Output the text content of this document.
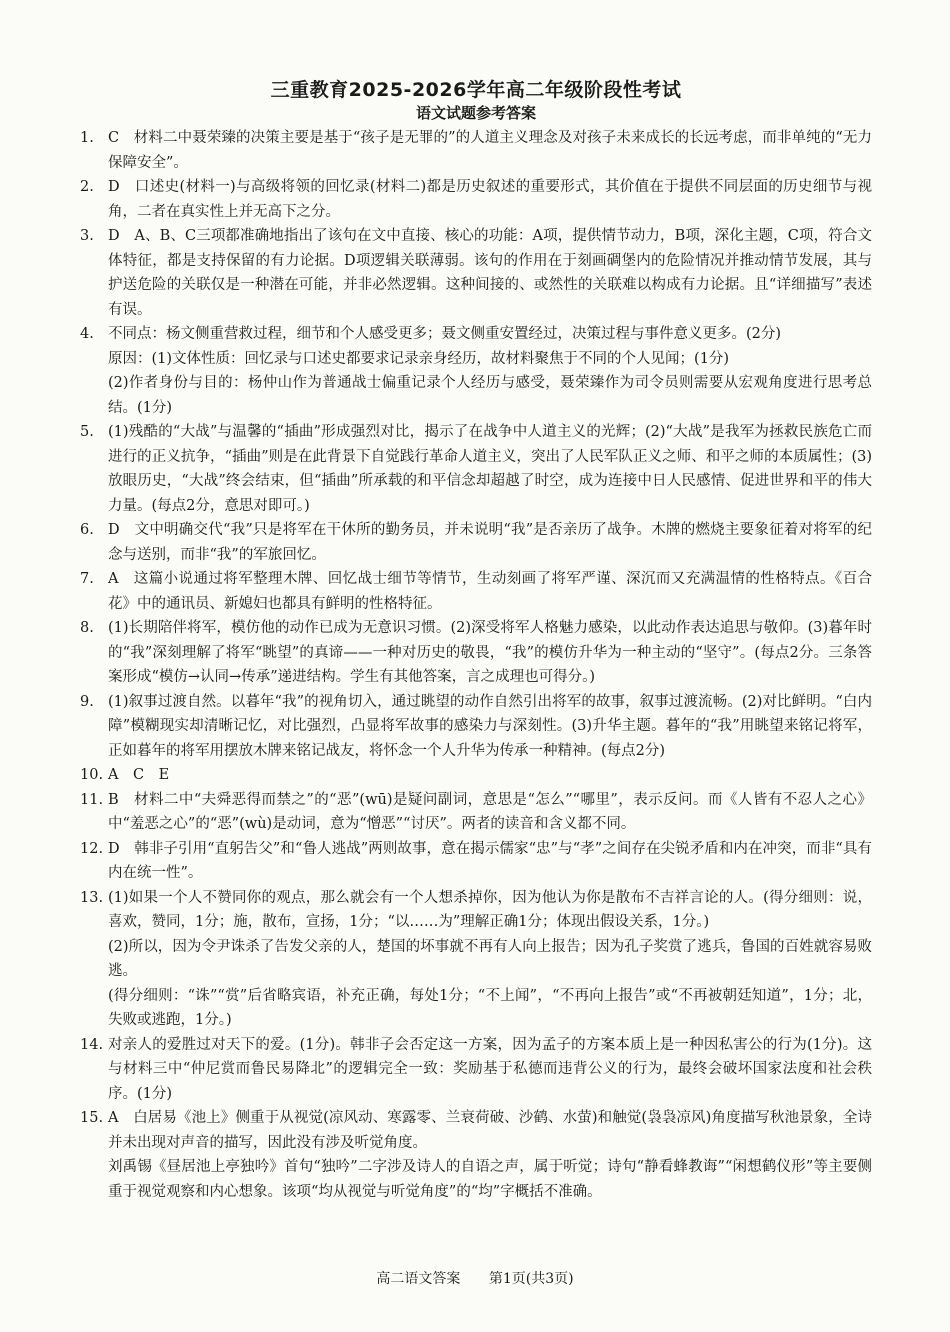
三重教育2025-2026学年高二年级阶段性考试
语文试题参考答案
1. C　材料二中聂荣臻的决策主要是基于“孩子是无罪的”的人道主义理念及对孩子未来成长的长远考虑，而非单纯的“无力保障安全”。
2. D　口述史(材料一)与高级将领的回忆录(材料二)都是历史叙述的重要形式，其价值在于提供不同层面的历史细节与视角，二者在真实性上并无高下之分。
3. D　A、B、C三项都准确地指出了该句在文中直接、核心的功能：A项，提供情节动力，B项，深化主题，C项，符合文体特征，都是支持保留的有力论据。D项逻辑关联薄弱。该句的作用在于刻画碉堡内的危险情况并推动情节发展，其与护送危险的关联仅是一种潜在可能，并非必然逻辑。这种间接的、或然性的关联难以构成有力论据。且“详细描写”表述有误。
4. 不同点：杨文侧重营救过程，细节和个人感受更多；聂文侧重安置经过，决策过程与事件意义更多。(2分)
原因：(1)文体性质：回忆录与口述史都要求记录亲身经历，故材料聚焦于不同的个人见闻；(1分)
(2)作者身份与目的：杨仲山作为普通战士偏重记录个人经历与感受，聂荣臻作为司令员则需要从宏观角度进行思考总结。(1分)
5. (1)残酷的“大战”与温馨的“插曲”形成强烈对比，揭示了在战争中人道主义的光辉；(2)“大战”是我军为拯救民族危亡而进行的正义抗争，“插曲”则是在此背景下自觉践行革命人道主义，突出了人民军队正义之师、和平之师的本质属性；(3)放眼历史，“大战”终会结束，但“插曲”所承载的和平信念却超越了时空，成为连接中日人民感情、促进世界和平的伟大力量。(每点2分，意思对即可。)
6. D　文中明确交代“我”只是将军在干休所的勤务员，并未说明“我”是否亲历了战争。木牌的燃烧主要象征着对将军的纪念与送别，而非“我”的军旅回忆。
7. A　这篇小说通过将军整理木牌、回忆战士细节等情节，生动刻画了将军严谨、深沉而又充满温情的性格特点。《百合花》中的通讯员、新媳妇也都具有鲜明的性格特征。
8. (1)长期陪伴将军，模仿他的动作已成为无意识习惯。(2)深受将军人格魅力感染，以此动作表达追思与敬仰。(3)暮年时的“我”深刻理解了将军“眺望”的真谛——一种对历史的敬畏，“我”的模仿升华为一种主动的“坚守”。(每点2分。三条答案形成“模仿→认同→传承”递进结构。学生有其他答案，言之成理也可得分。)
9. (1)叙事过渡自然。以暮年“我”的视角切入，通过眺望的动作自然引出将军的故事，叙事过渡流畅。(2)对比鲜明。“白内障”模糊现实却清晰记忆，对比强烈，凸显将军故事的感染力与深刻性。(3)升华主题。暮年的“我”用眺望来铭记将军，正如暮年的将军用摆放木牌来铭记战友，将怀念一个人升华为传承一种精神。(每点2分)
10. A　C　E
11. B　材料二中“夫舜恶得而禁之”的“恶”(wū)是疑问副词，意思是“怎么”“哪里”，表示反问。而《人皆有不忍人之心》中“羞恶之心”的“恶”(wù)是动词，意为“憎恶”“讨厌”。两者的读音和含义都不同。
12. D　韩非子引用“直躬告父”和“鲁人逃战”两则故事，意在揭示儒家“忠”与“孝”之间存在尖锐矛盾和内在冲突，而非“具有内在统一性”。
13. (1)如果一个人不赞同你的观点，那么就会有一个人想杀掉你，因为他认为你是散布不吉祥言论的人。(得分细则：说，喜欢，赞同，1分；施，散布，宣扬，1分；“以……为”理解正确1分；体现出假设关系，1分。)
(2)所以，因为令尹诛杀了告发父亲的人，楚国的坏事就不再有人向上报告；因为孔子奖赏了逃兵，鲁国的百姓就容易败逃。
(得分细则：“诛”“赏”后省略宾语，补充正确，每处1分；“不上闻”，“不再向上报告”或“不再被朝廷知道”，1分；北，失败或逃跑，1分。)
14. 对亲人的爱胜过对天下的爱。(1分)。韩非子会否定这一方案，因为孟子的方案本质上是一种因私害公的行为(1分)。这与材料三中“仲尼赏而鲁民易降北”的逻辑完全一致：奖励基于私德而违背公义的行为，最终会破坏国家法度和社会秩序。(1分)
15. A　白居易《池上》侧重于从视觉(凉风动、寒露零、兰衰荷破、沙鹤、水萤)和触觉(袅袅凉风)角度描写秋池景象，全诗并未出现对声音的描写，因此没有涉及听觉角度。
刘禹锡《昼居池上亭独吟》首句“独吟”二字涉及诗人的自语之声，属于听觉；诗句“静看蜂教诲”“闲想鹤仪形”等主要侧重于视觉观察和内心想象。该项“均从视觉与听觉角度”的“均”字概括不准确。
高二语文答案 第1页(共3页)
